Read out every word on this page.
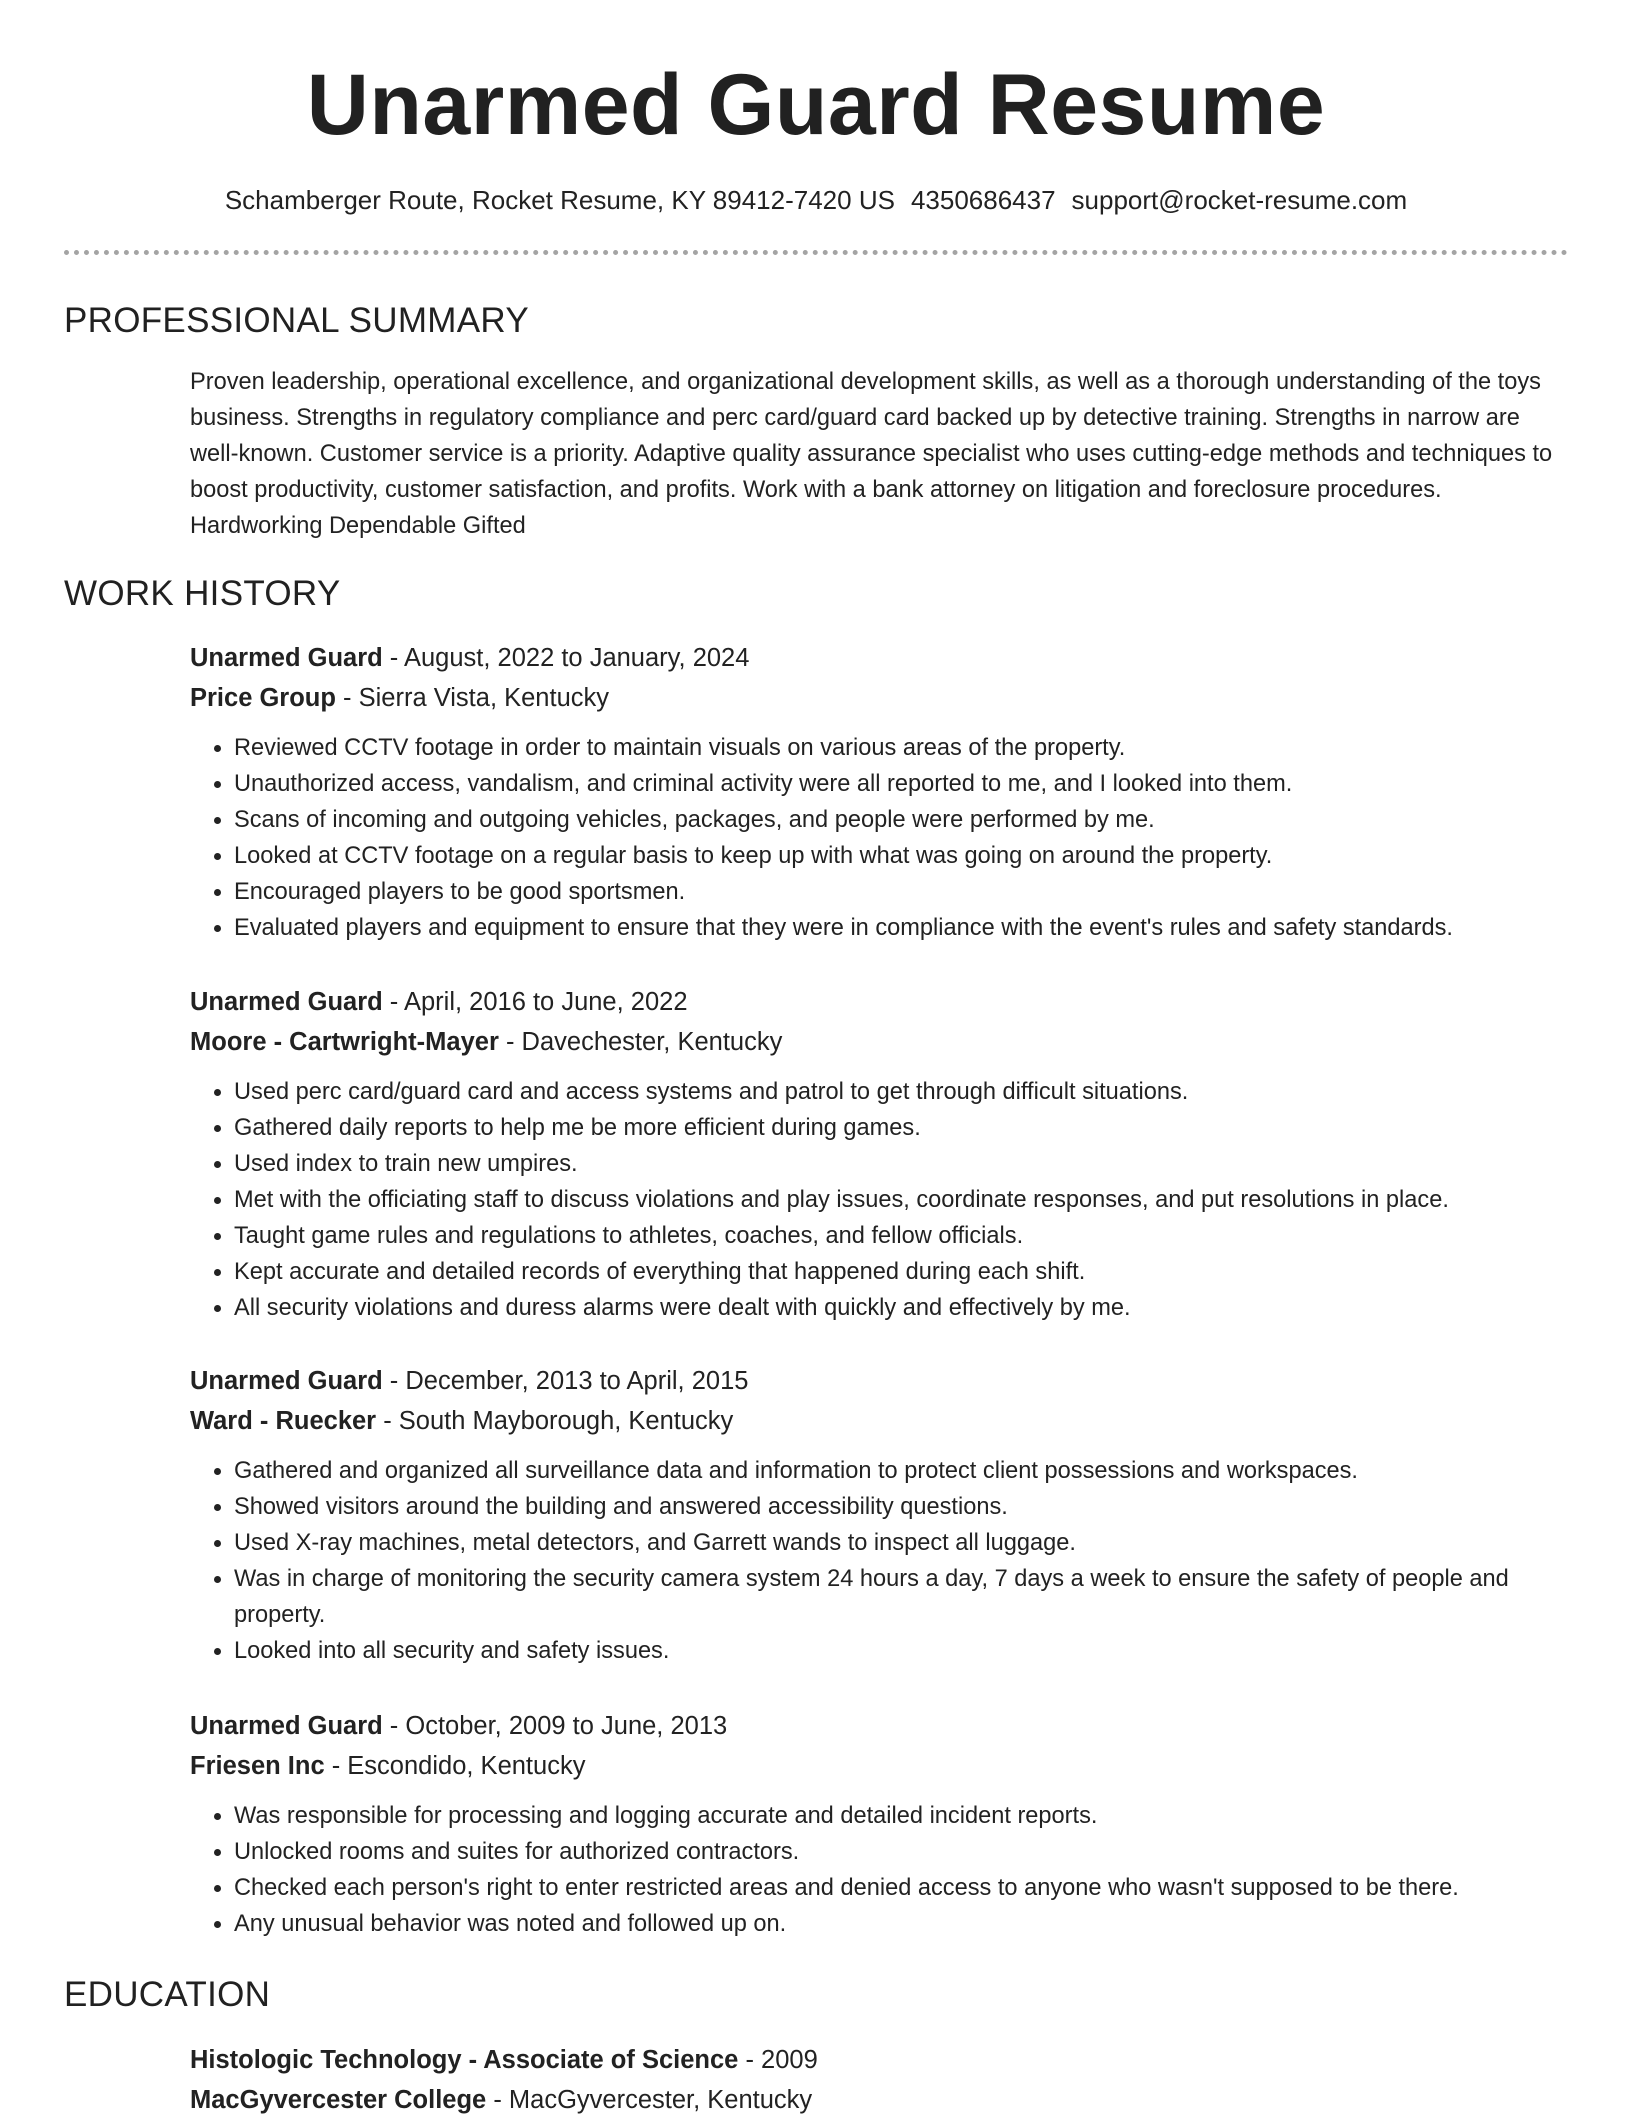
Unarmed Guard Resume
Schamberger Route, Rocket Resume, KY 89412-7420 US 4350686437 support@rocket-resume.com
PROFESSIONAL SUMMARY
Proven leadership, operational excellence, and organizational development skills, as well as a thorough understanding of the toys business. Strengths in regulatory compliance and perc card/guard card backed up by detective training. Strengths in narrow are well-known. Customer service is a priority. Adaptive quality assurance specialist who uses cutting-edge methods and techniques to boost productivity, customer satisfaction, and profits. Work with a bank attorney on litigation and foreclosure procedures. Hardworking Dependable Gifted
WORK HISTORY
Unarmed Guard - August, 2022 to January, 2024
Price Group - Sierra Vista, Kentucky
• Reviewed CCTV footage in order to maintain visuals on various areas of the property.
• Unauthorized access, vandalism, and criminal activity were all reported to me, and I looked into them.
• Scans of incoming and outgoing vehicles, packages, and people were performed by me.
• Looked at CCTV footage on a regular basis to keep up with what was going on around the property.
• Encouraged players to be good sportsmen.
• Evaluated players and equipment to ensure that they were in compliance with the event's rules and safety standards.
Unarmed Guard - April, 2016 to June, 2022
Moore - Cartwright-Mayer - Davechester, Kentucky
• Used perc card/guard card and access systems and patrol to get through difficult situations.
• Gathered daily reports to help me be more efficient during games.
• Used index to train new umpires.
• Met with the officiating staff to discuss violations and play issues, coordinate responses, and put resolutions in place.
• Taught game rules and regulations to athletes, coaches, and fellow officials.
• Kept accurate and detailed records of everything that happened during each shift.
• All security violations and duress alarms were dealt with quickly and effectively by me.
Unarmed Guard - December, 2013 to April, 2015
Ward - Ruecker - South Mayborough, Kentucky
• Gathered and organized all surveillance data and information to protect client possessions and workspaces.
• Showed visitors around the building and answered accessibility questions.
• Used X-ray machines, metal detectors, and Garrett wands to inspect all luggage.
• Was in charge of monitoring the security camera system 24 hours a day, 7 days a week to ensure the safety of people and property.
• Looked into all security and safety issues.
Unarmed Guard - October, 2009 to June, 2013
Friesen Inc - Escondido, Kentucky
• Was responsible for processing and logging accurate and detailed incident reports.
• Unlocked rooms and suites for authorized contractors.
• Checked each person's right to enter restricted areas and denied access to anyone who wasn't supposed to be there.
• Any unusual behavior was noted and followed up on.
EDUCATION
Histologic Technology - Associate of Science - 2009
MacGyvercester College - MacGyvercester, Kentucky
